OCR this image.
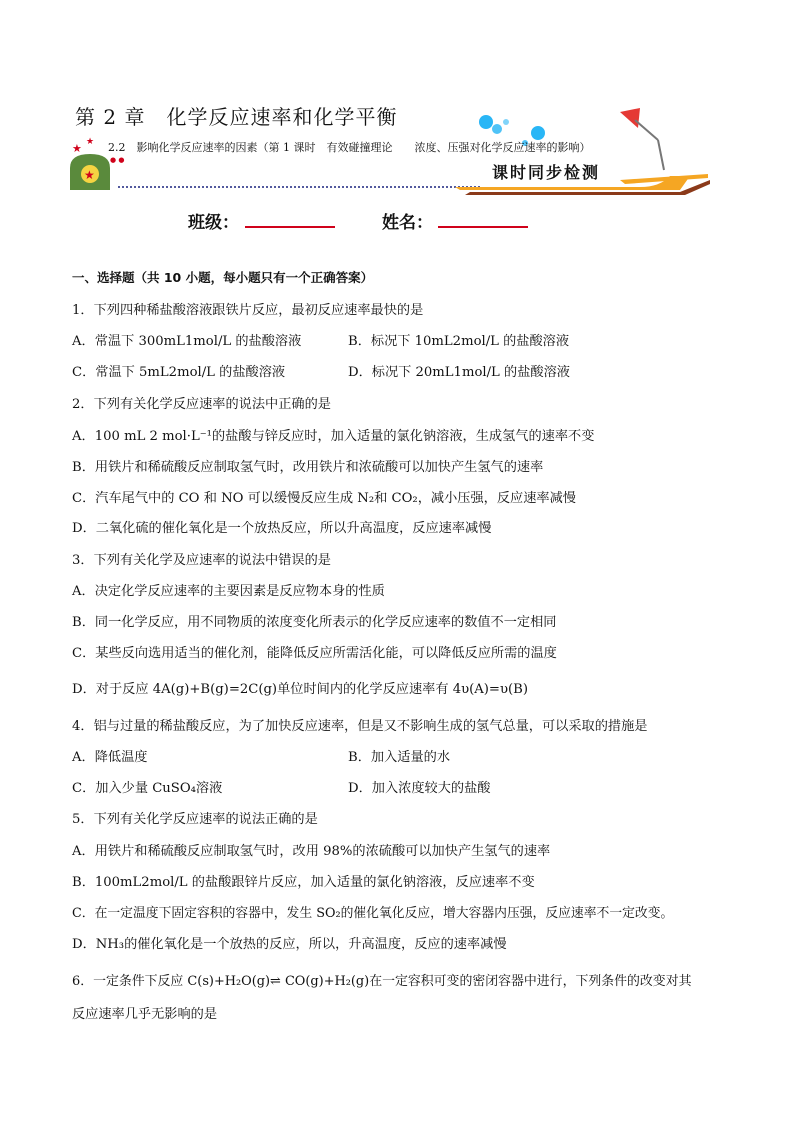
★ ★
★
● ●
第 2 章　化学反应速率和化学平衡
2.2　影响化学反应速率的因素（第 1 课时　有效碰撞理论　　浓度、压强对化学反应速率的影响）
课时同步检测
班级：	姓名：
一、选择题（共 10 小题，每小题只有一个正确答案）
1．下列四种稀盐酸溶液跟铁片反应，最初反应速率最快的是
A．常温下 300mL1mol/L 的盐酸溶液	B．标况下 10mL2mol/L 的盐酸溶液
C．常温下 5mL2mol/L 的盐酸溶液	D．标况下 20mL1mol/L 的盐酸溶液
2．下列有关化学反应速率的说法中正确的是
A．100 mL 2 mol·L⁻¹的盐酸与锌反应时，加入适量的氯化钠溶液，生成氢气的速率不变
B．用铁片和稀硫酸反应制取氢气时，改用铁片和浓硫酸可以加快产生氢气的速率
C．汽车尾气中的 CO 和 NO 可以缓慢反应生成 N₂和 CO₂，减小压强，反应速率减慢
D．二氧化硫的催化氧化是一个放热反应，所以升高温度，反应速率减慢
3．下列有关化学及应速率的说法中错误的是
A．决定化学反应速率的主要因素是反应物本身的性质
B．同一化学反应，用不同物质的浓度变化所表示的化学反应速率的数值不一定相同
C．某些反向选用适当的催化剂，能降低反应所需活化能，可以降低反应所需的温度
D．对于反应 4A(g)+B(g)=2C(g)单位时间内的化学反应速率有 4υ(A)=υ(B)
4．铝与过量的稀盐酸反应，为了加快反应速率，但是又不影响生成的氢气总量，可以采取的措施是
A．降低温度	B．加入适量的水
C．加入少量 CuSO₄溶液	D．加入浓度较大的盐酸
5．下列有关化学反应速率的说法正确的是
A．用铁片和稀硫酸反应制取氢气时，改用 98%的浓硫酸可以加快产生氢气的速率
B．100mL2mol/L 的盐酸跟锌片反应，加入适量的氯化钠溶液，反应速率不变
C．在一定温度下固定容积的容器中，发生 SO₂的催化氧化反应，增大容器内压强，反应速率不一定改变。
D．NH₃的催化氧化是一个放热的反应，所以，升高温度，反应的速率减慢
6．一定条件下反应 C(s)+H₂O(g)⇌ CO(g)+H₂(g)在一定容积可变的密闭容器中进行，下列条件的改变对其
反应速率几乎无影响的是
